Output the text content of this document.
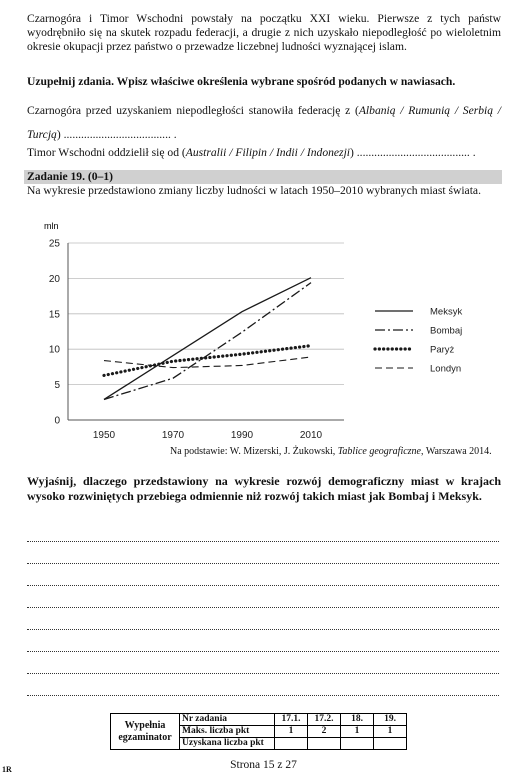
Czarnogóra i Timor Wschodni powstały na początku XXI wieku. Pierwsze z tych państw wyodrębniło się na skutek rozpadu federacji, a drugie z nich uzyskało niepodległość po wieloletnim okresie okupacji przez państwo o przewadze liczebnej ludności wyznającej islam.
Uzupełnij zdania. Wpisz właściwe określenia wybrane spośród podanych w nawiasach.
Czarnogóra przed uzyskaniem niepodległości stanowiła federację z (Albanią / Rumunią / Serbią / Turcją) ..................................... .
Timor Wschodni oddzielił się od (Australii / Filipin / Indii / Indonezji) ....................................... .
Zadanie 19. (0–1)
Na wykresie przedstawiono zmiany liczby ludności w latach 1950–2010 wybranych miast świata.
0
5
10
15
20
25
1950	1970	1990	2010
Meksyk
Bombaj
Paryż
Londyn
mln
Na podstawie: W. Mizerski, J. Żukowski, Tablice geograficzne, Warszawa 2014.
Wyjaśnij, dlaczego przedstawiony na wykresie rozwój demograficzny miast w krajach wysoko rozwiniętych przebiega odmiennie niż rozwój takich miast jak Bombaj i Meksyk.
Wypełnia
egzaminator	Nr zadania	17.1.	17.2.	18.	19.
	Maks. liczba pkt	1	2	1	1
	Uzyskana liczba pkt				
Strona 15 z 27
1R
